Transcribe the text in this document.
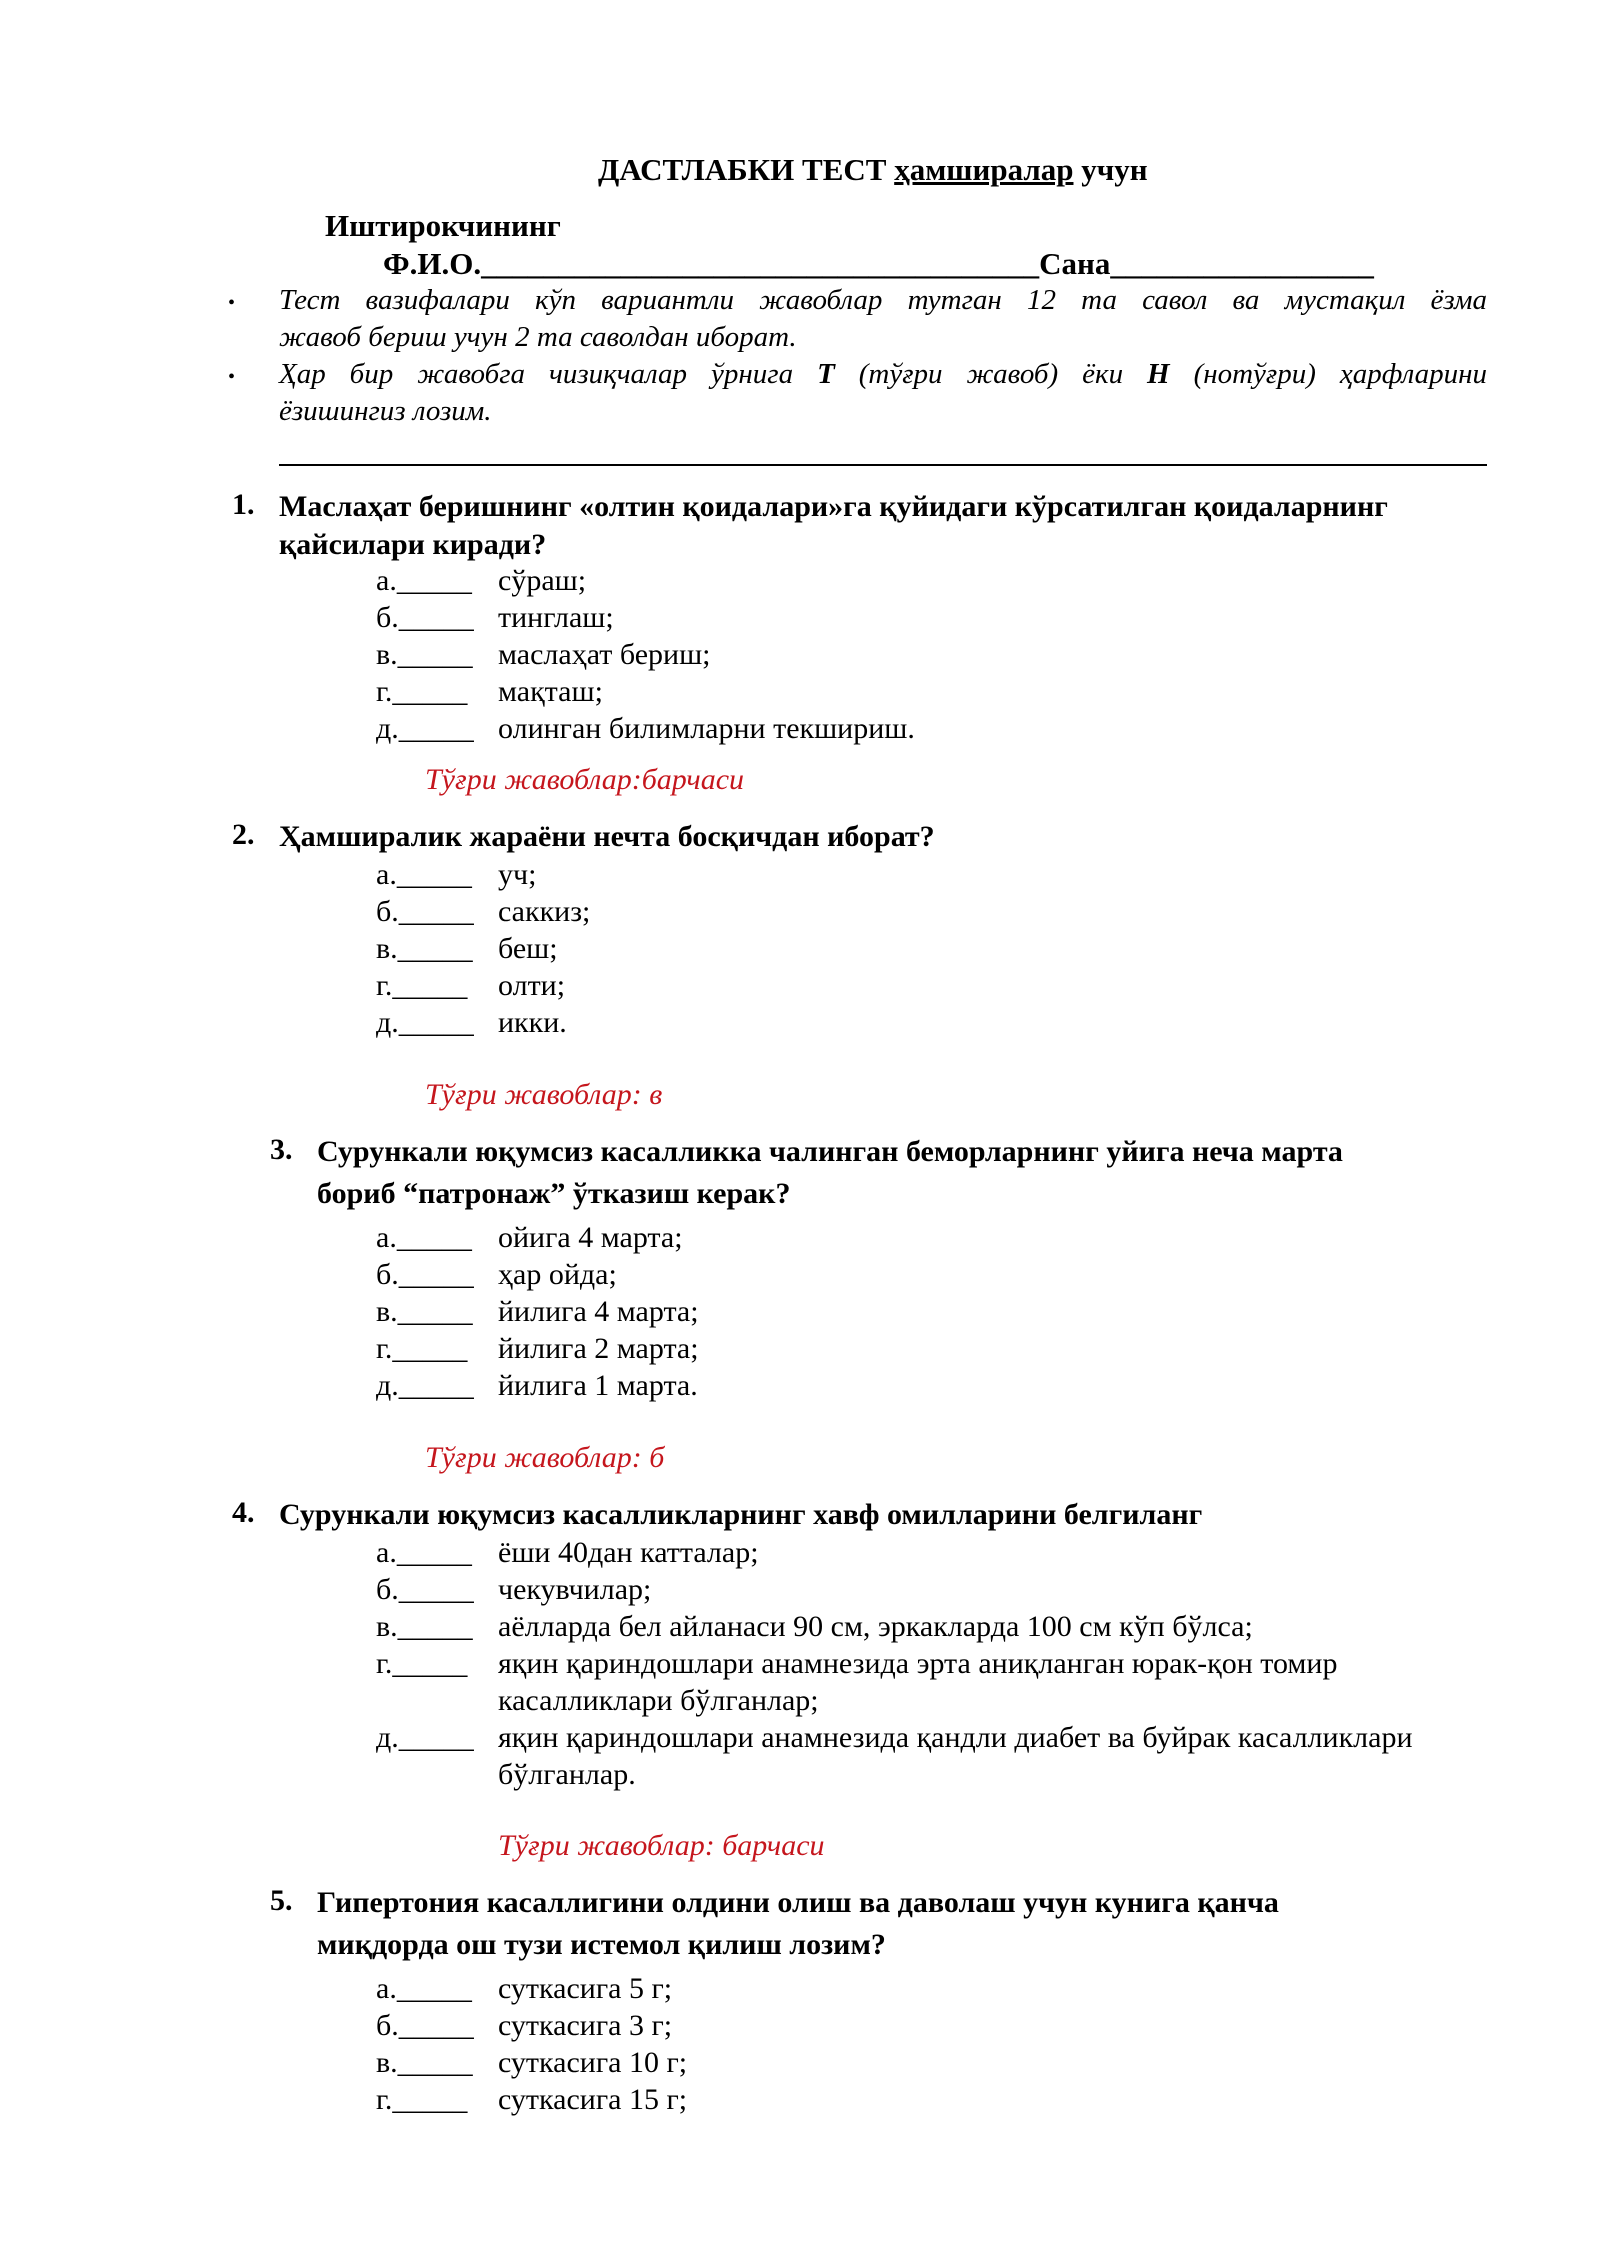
ДАСТЛАБКИ ТЕСТ ҳамширалар учун
Иштирокчининг
Ф.И.О.____________________________________Сана_________________
• Тест вазифалари кўп вариантли жавоблар тутган 12 та савол ва мустақил ёзма

жавоб бериш учун 2 та саволдан иборат.

• Ҳар бир жавобга чизиқчалар ўрнига Т (тўғри жавоб) ёки Н (нотўғри) ҳарфларини

ёзишингиз лозим.

1. Маслаҳат беришнинг «олтин қоидалари»га қуйидаги кўрсатилган қоидаларнинг
қайсилари киради?
а._____ сўраш;
б._____ тинглаш;
в._____ маслаҳат бериш;
г._____ мақташ;
д._____ олинган билимларни текшириш.
Тўғри жавоблар:барчаси
2. Ҳамширалик жараёни нечта босқичдан иборат?
а._____ уч;
б._____ саккиз;
в._____ беш;
г._____ олти;
д._____ икки.
Тўғри жавоблар: в
3. Сурункали юқумсиз касалликка чалинган беморларнинг уйига неча марта
бориб “патронаж” ўтказиш керак?
а._____ ойига 4 марта;
б._____ ҳар ойда;
в._____ йилига 4 марта;
г._____ йилига 2 марта;
д._____ йилига 1 марта.
Тўғри жавоблар: б
4. Сурункали юқумсиз касалликларнинг хавф омилларини белгиланг
а._____ ёши 40дан катталар;
б._____ чекувчилар;
в._____ аёлларда бел айланаси 90 см, эркакларда 100 см кўп бўлса;
г._____ яқин қариндошлари анамнезида эрта аниқланган юрак-қон томир
касалликлари бўлганлар;
д._____ яқин қариндошлари анамнезида қандли диабет ва буйрак касалликлари
бўлганлар.
Тўғри жавоблар: барчаси
5. Гипертония касаллигини олдини олиш ва даволаш учун кунига қанча
миқдорда ош тузи истемол қилиш лозим?
а._____ суткасига 5 г;
б._____ суткасига 3 г;
в._____ суткасига 10 г;
г._____ суткасига 15 г;
